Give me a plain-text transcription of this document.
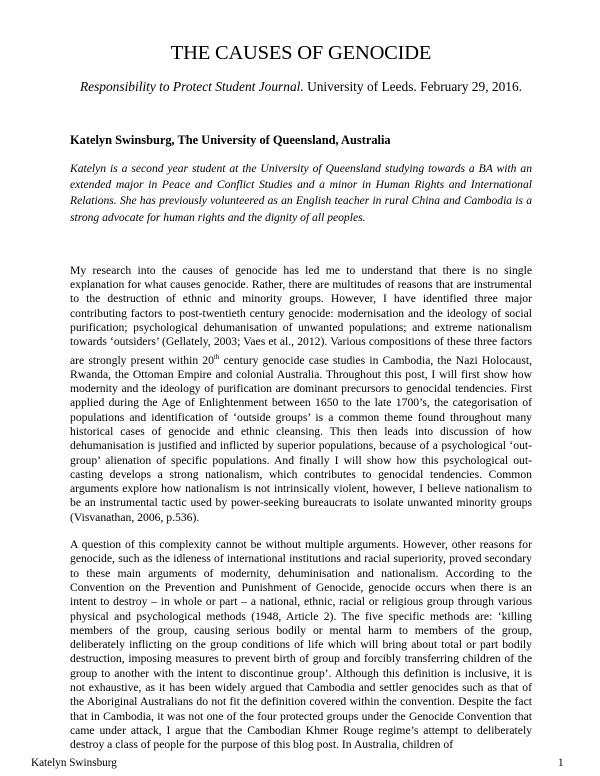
THE CAUSES OF GENOCIDE
Responsibility to Protect Student Journal. University of Leeds. February 29, 2016.
Katelyn Swinsburg, The University of Queensland, Australia
Katelyn is a second year student at the University of Queensland studying towards a BA with an extended major in Peace and Conflict Studies and a minor in Human Rights and International Relations. She has previously volunteered as an English teacher in rural China and Cambodia is a strong advocate for human rights and the dignity of all peoples.
My research into the causes of genocide has led me to understand that there is no single explanation for what causes genocide. Rather, there are multitudes of reasons that are instrumental to the destruction of ethnic and minority groups. However, I have identified three major contributing factors to post-twentieth century genocide: modernisation and the ideology of social purification; psychological dehumanisation of unwanted populations; and extreme nationalism towards ‘outsiders’ (Gellately, 2003; Vaes et al., 2012). Various compositions of these three factors are strongly present within 20th century genocide case studies in Cambodia, the Nazi Holocaust, Rwanda, the Ottoman Empire and colonial Australia. Throughout this post, I will first show how modernity and the ideology of purification are dominant precursors to genocidal tendencies. First applied during the Age of Enlightenment between 1650 to the late 1700’s, the categorisation of populations and identification of ‘outside groups’ is a common theme found throughout many historical cases of genocide and ethnic cleansing. This then leads into discussion of how dehumanisation is justified and inflicted by superior populations, because of a psychological ‘out-group’ alienation of specific populations. And finally I will show how this psychological out-casting develops a strong nationalism, which contributes to genocidal tendencies. Common arguments explore how nationalism is not intrinsically violent, however, I believe nationalism to be an instrumental tactic used by power-seeking bureaucrats to isolate unwanted minority groups (Visvanathan, 2006, p.536).
A question of this complexity cannot be without multiple arguments. However, other reasons for genocide, such as the idleness of international institutions and racial superiority, proved secondary to these main arguments of modernity, dehuminisation and nationalism. According to the Convention on the Prevention and Punishment of Genocide, genocide occurs when there is an intent to destroy – in whole or part – a national, ethnic, racial or religious group through various physical and psychological methods (1948, Article 2). The five specific methods are: ‘killing members of the group, causing serious bodily or mental harm to members of the group, deliberately inflicting on the group conditions of life which will bring about total or part bodily destruction, imposing measures to prevent birth of group and forcibly transferring children of the group to another with the intent to discontinue group’. Although this definition is inclusive, it is not exhaustive, as it has been widely argued that Cambodia and settler genocides such as that of the Aboriginal Australians do not fit the definition covered within the convention. Despite the fact that in Cambodia, it was not one of the four protected groups under the Genocide Convention that came under attack, I argue that the Cambodian Khmer Rouge regime’s attempt to deliberately destroy a class of people for the purpose of this blog post. In Australia, children of
Katelyn Swinsburg	1
